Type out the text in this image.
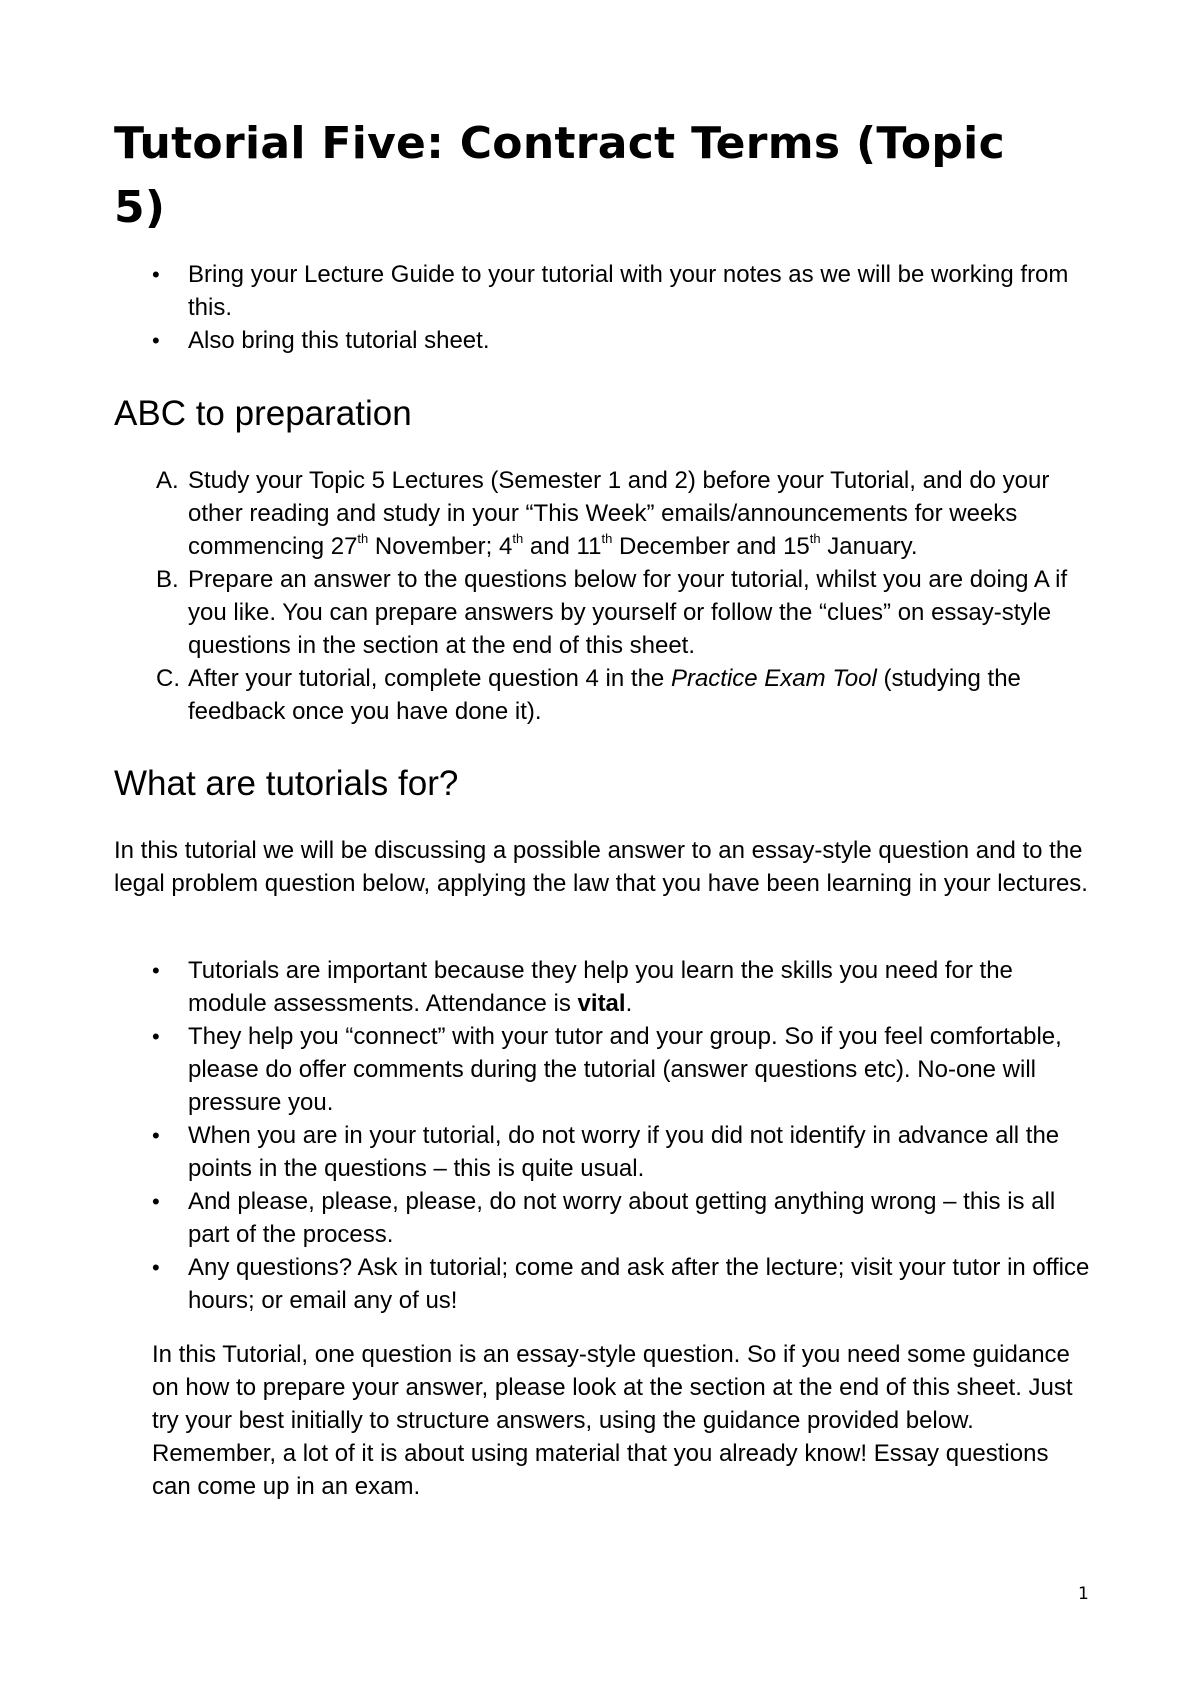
Tutorial Five: Contract Terms (Topic 5)
• Bring your Lecture Guide to your tutorial with your notes as we will be working from this.
• Also bring this tutorial sheet.
ABC to preparation
A. Study your Topic 5 Lectures (Semester 1 and 2) before your Tutorial, and do your other reading and study in your “This Week” emails/announcements for weeks commencing 27th November; 4th and 11th December and 15th January.
B. Prepare an answer to the questions below for your tutorial, whilst you are doing A if you like. You can prepare answers by yourself or follow the “clues” on essay-style questions in the section at the end of this sheet.
C. After your tutorial, complete question 4 in the Practice Exam Tool (studying the feedback once you have done it).
What are tutorials for?

In this tutorial we will be discussing a possible answer to an essay-style question and to the legal problem question below, applying the law that you have been learning in your lectures.

• Tutorials are important because they help you learn the skills you need for the module assessments. Attendance is vital.
• They help you “connect” with your tutor and your group. So if you feel comfortable, please do offer comments during the tutorial (answer questions etc). No-one will pressure you.
• When you are in your tutorial, do not worry if you did not identify in advance all the points in the questions – this is quite usual.
• And please, please, please, do not worry about getting anything wrong – this is all part of the process.
• Any questions? Ask in tutorial; come and ask after the lecture; visit your tutor in office hours; or email any of us!

In this Tutorial, one question is an essay-style question. So if you need some guidance on how to prepare your answer, please look at the section at the end of this sheet. Just try your best initially to structure answers, using the guidance provided below. Remember, a lot of it is about using material that you already know! Essay questions can come up in an exam.

1
